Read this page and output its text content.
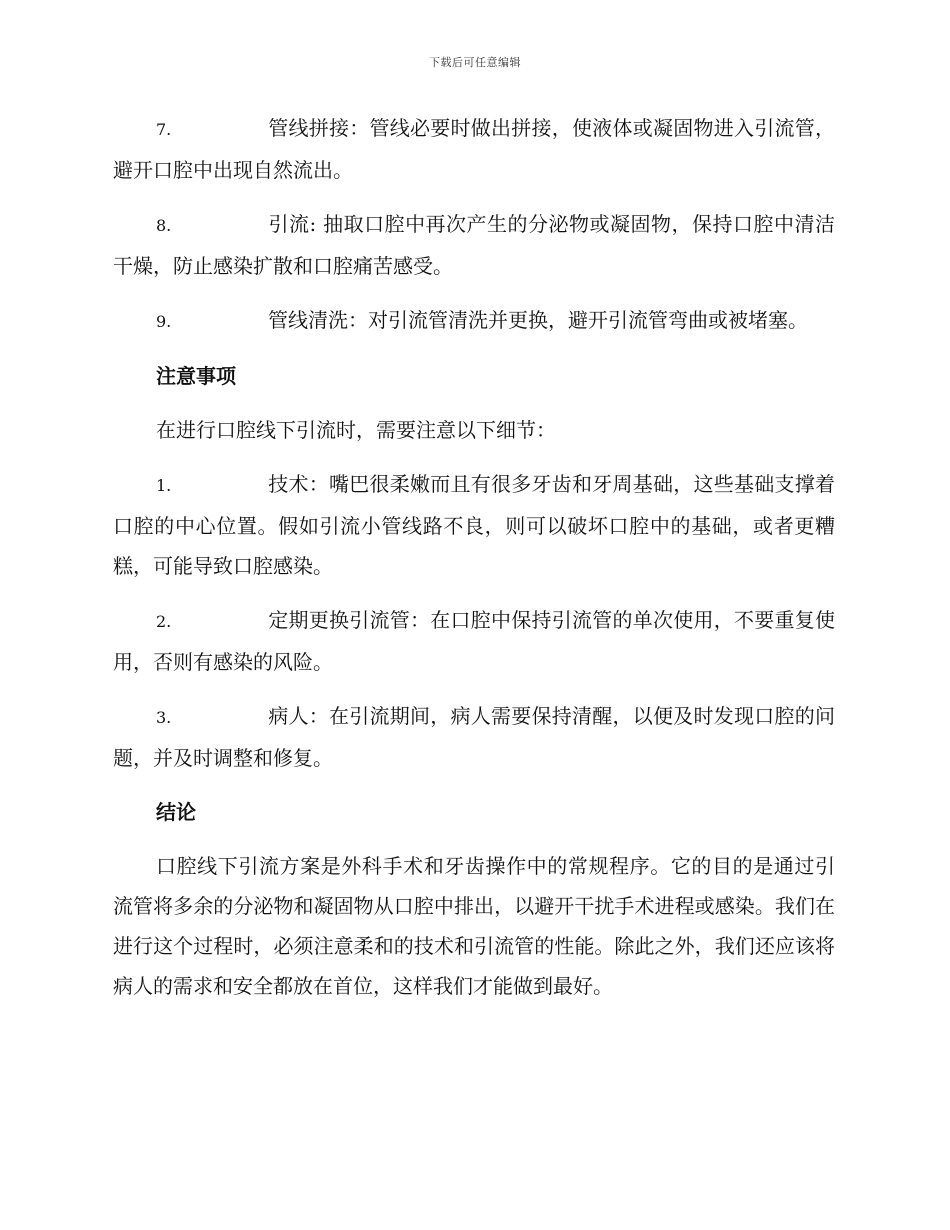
下载后可任意编辑

7.	管线拼接：管线必要时做出拼接，使液体或凝固物进入引流管，避开口腔中出现自然流出。

8.	引流: 抽取口腔中再次产生的分泌物或凝固物，保持口腔中清洁干燥，防止感染扩散和口腔痛苦感受。

9.	管线清洗：对引流管清洗并更换，避开引流管弯曲或被堵塞。

注意事项

在进行口腔线下引流时，需要注意以下细节：

1.	技术：嘴巴很柔嫩而且有很多牙齿和牙周基础，这些基础支撑着口腔的中心位置。假如引流小管线路不良，则可以破坏口腔中的基础，或者更糟糕，可能导致口腔感染。

2.	定期更换引流管：在口腔中保持引流管的单次使用，不要重复使用，否则有感染的风险。

3.	病人：在引流期间，病人需要保持清醒，以便及时发现口腔的问题，并及时调整和修复。

结论

口腔线下引流方案是外科手术和牙齿操作中的常规程序。它的目的是通过引流管将多余的分泌物和凝固物从口腔中排出，以避开干扰手术进程或感染。我们在进行这个过程时，必须注意柔和的技术和引流管的性能。除此之外，我们还应该将病人的需求和安全都放在首位，这样我们才能做到最好。
